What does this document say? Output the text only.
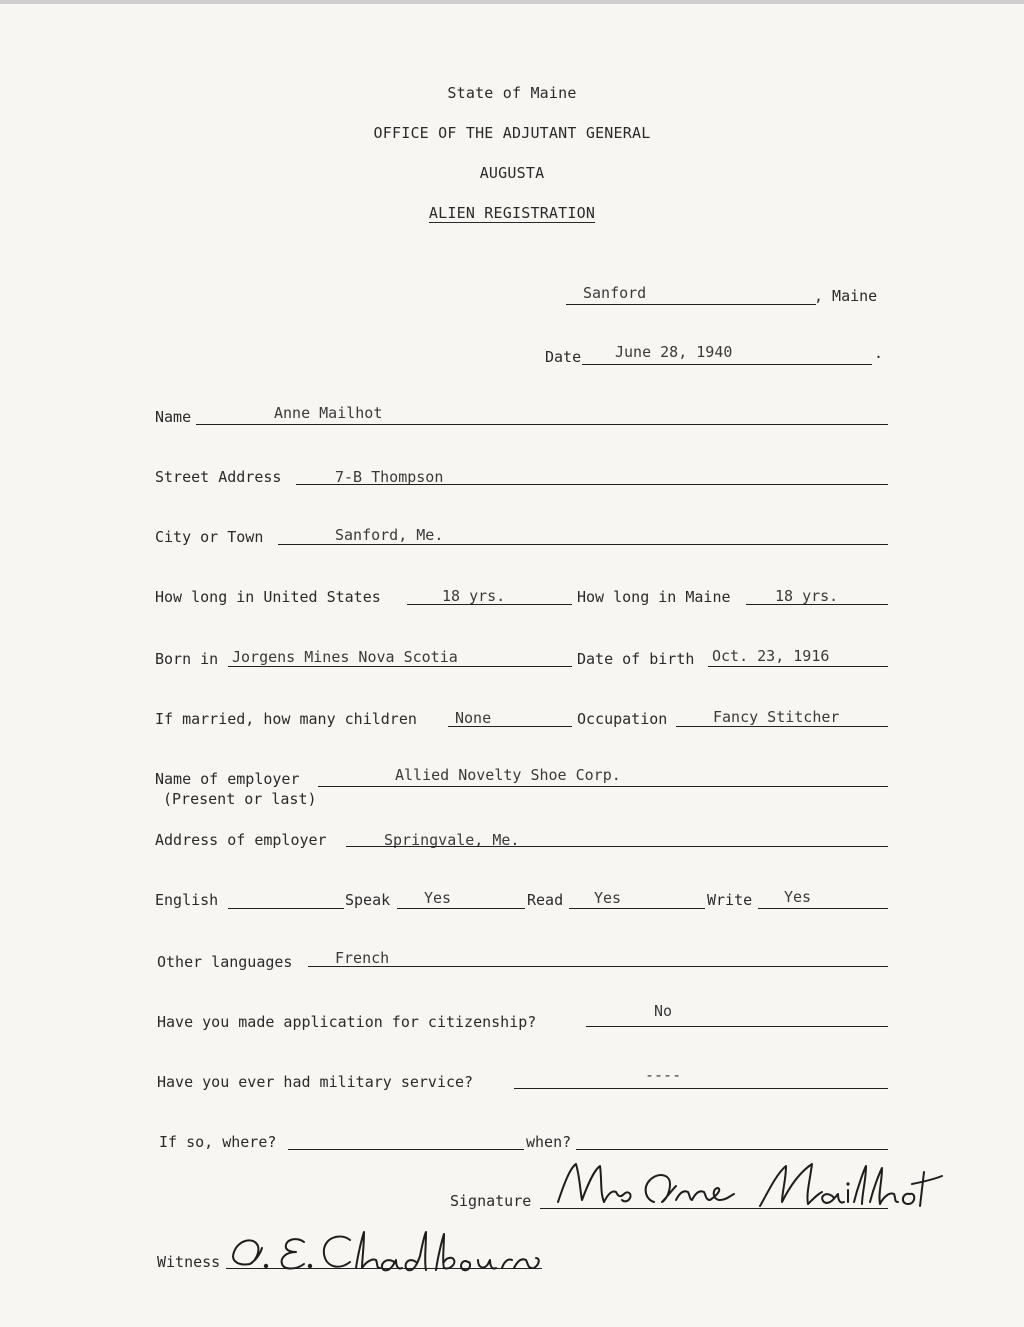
State of Maine
OFFICE OF THE ADJUTANT GENERAL
AUGUSTA
ALIEN REGISTRATION
Sanford	, Maine
Date June 28, 1940	.
Name	Anne Mailhot
Street Address	7-B Thompson
City or Town	Sanford, Me.
How long in United States	18 yrs.	How long in Maine	18 yrs.
Born in Jorgens Mines Nova Scotia	Date of birth Oct. 23, 1916
If married, how many children	None	Occupation	Fancy Stitcher
Name of employer
(Present or last)
Allied Novelty Shoe Corp.
Address of employer	Springvale, Me.
English	Speak Yes	Read Yes	Write Yes
Other languages	French
Have you made application for citizenship?
No
Have you ever had military service?	----
If so, where?	when?
Signature
Witness
